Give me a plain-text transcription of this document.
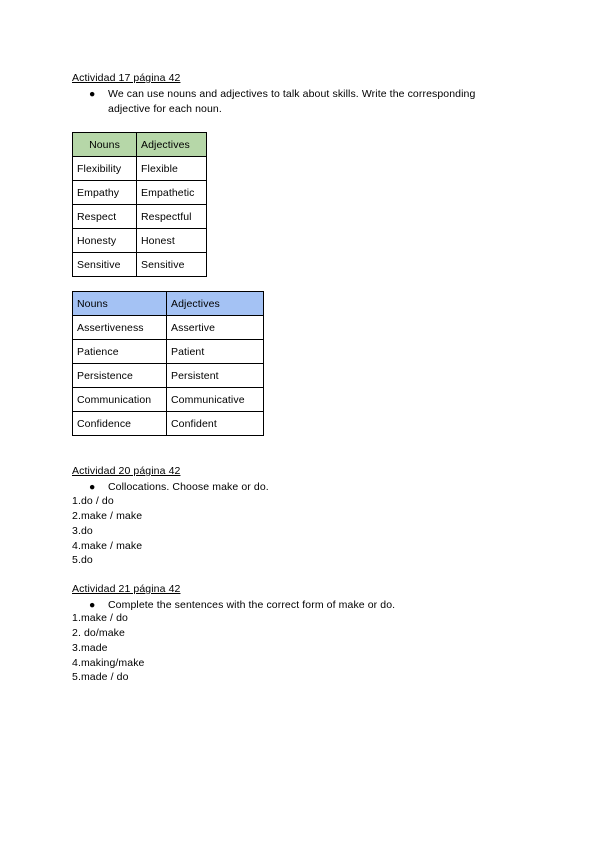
Actividad 17 página 42
● We can use nouns and adjectives to talk about skills. Write the corresponding adjective for each noun.
Nouns	Adjectives
Flexibility	Flexible
Empathy	Empathetic
Respect	Respectful
Honesty	Honest
Sensitive	Sensitive
Nouns	Adjectives
Assertiveness	Assertive
Patience	Patient
Persistence	Persistent
Communication	Communicative
Confidence	Confident
Actividad 20 página 42
● Collocations. Choose make or do.
1.do / do
2.make / make
3.do
4.make / make
5.do
Actividad 21 página 42
● Complete the sentences with the correct form of make or do.
1.make / do
2. do/make
3.made
4.making/make
5.made / do
